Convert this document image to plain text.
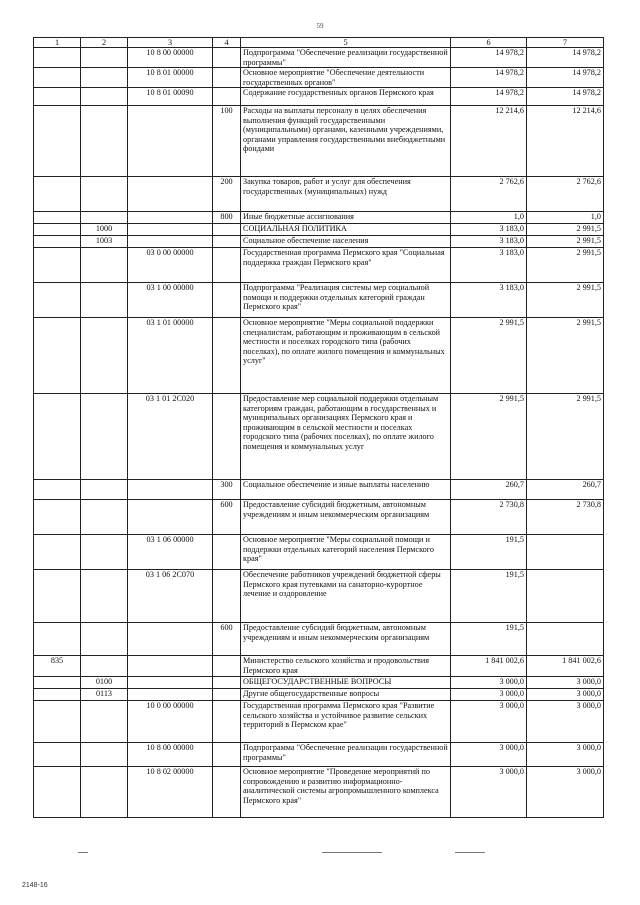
59
1	2	3	4	5	6	7
		10 8 00 00000		Подпрограмма "Обеспечение реализации государственной программы"	14 978,2	14 978,2
		10 8 01 00000		Основное мероприятие "Обеспечение деятельности государственных органов"	14 978,2	14 978,2
		10 8 01 00090		Содержание государственных органов Пермского края	14 978,2	14 978,2
			100	Расходы на выплаты персоналу в целях обеспечения выполнения функций государственными (муниципальными) органами, казенными учреждениями, органами управления государственными внебюджетными фондами	12 214,6	12 214,6
			200	Закупка товаров, работ и услуг для обеспечения государственных (муниципальных) нужд	2 762,6	2 762,6
			800	Иные бюджетные ассигнования	1,0	1,0
	1000			СОЦИАЛЬНАЯ ПОЛИТИКА	3 183,0	2 991,5
	1003			Социальное обеспечение населения	3 183,0	2 991,5
		03 0 00 00000		Государственная программа Пермского края "Социальная поддержка граждан Пермского края"	3 183,0	2 991,5
		03 1 00 00000		Подпрограмма "Реализация системы мер социальной помощи и поддержки отдельных категорий граждан Пермского края"	3 183,0	2 991,5
		03 1 01 00000		Основное мероприятие "Меры социальной поддержки специалистам, работающим и проживающим в сельской местности и поселках городского типа (рабочих поселках), по оплате жилого помещения и коммунальных услуг"	2 991,5	2 991,5
		03 1 01 2С020		Предоставление мер социальной поддержки отдельным категориям граждан, работающим в государственных и муниципальных организациях Пермского края и проживающим в сельской местности и поселках городского типа (рабочих поселках), по оплате жилого помещения и коммунальных услуг	2 991,5	2 991,5
			300	Социальное обеспечение и иные выплаты населению	260,7	260,7
			600	Предоставление субсидий бюджетным, автономным учреждениям и иным некоммерческим организациям	2 730,8	2 730,8
		03 1 06 00000		Основное мероприятие "Меры социальной помощи и поддержки отдельных категорий населения Пермского края"	191,5	
		03 1 06 2С070		Обеспечение работников учреждений бюджетной сферы Пермского края путевками на санаторно-курортное лечение и оздоровление	191,5	
			600	Предоставление субсидий бюджетным, автономным учреждениям и иным некоммерческим организациям	191,5	
835				Министерство сельского хозяйства и продовольствия Пермского края	1 841 002,6	1 841 002,6
	0100			ОБЩЕГОСУДАРСТВЕННЫЕ ВОПРОСЫ	3 000,0	3 000,0
	0113			Другие общегосударственные вопросы	3 000,0	3 000,0
		10 0 00 00000		Государственная программа Пермского края "Развитие сельского хозяйства и устойчивое развитие сельских территорий в Пермском крае"	3 000,0	3 000,0
		10 8 00 00000		Подпрограмма "Обеспечение реализации государственной программы"	3 000,0	3 000,0
		10 8 02 00000		Основное мероприятие "Проведение мероприятий по сопровождению и развитию информационно-аналитической системы агропромышленного комплекса Пермского края"	3 000,0	3 000,0
2148-16
